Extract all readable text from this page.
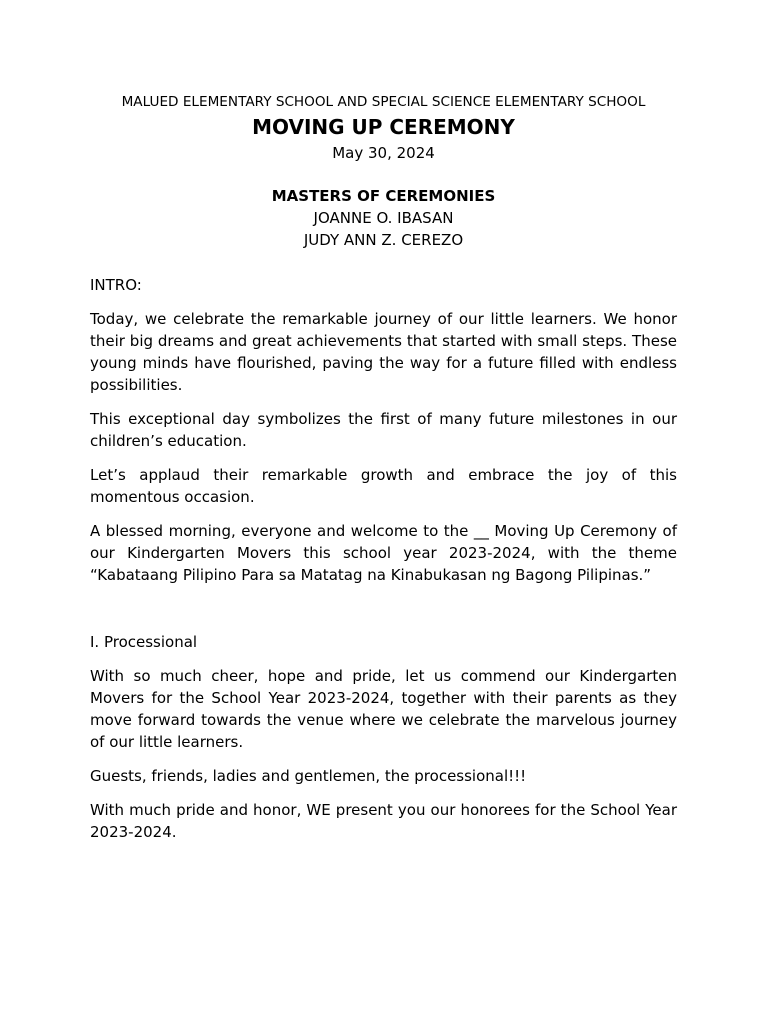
MALUED ELEMENTARY SCHOOL AND SPECIAL SCIENCE ELEMENTARY SCHOOL

MOVING UP CEREMONY

May 30, 2024

MASTERS OF CEREMONIES

JOANNE O. IBASAN

JUDY ANN Z. CEREZO

INTRO:

Today, we celebrate the remarkable journey of our little learners. We honor their big dreams and great achievements that started with small steps. These young minds have flourished, paving the way for a future filled with endless possibilities.

This exceptional day symbolizes the first of many future milestones in our children’s education.

Let’s applaud their remarkable growth and embrace the joy of this momentous occasion.

A blessed morning, everyone and welcome to the __ Moving Up Ceremony of our Kindergarten Movers this school year 2023-2024, with the theme “Kabataang Pilipino Para sa Matatag na Kinabukasan ng Bagong Pilipinas.”

I. Processional

With so much cheer, hope and pride, let us commend our Kindergarten Movers for the School Year 2023-2024, together with their parents as they move forward towards the venue where we celebrate the marvelous journey of our little learners.

Guests, friends, ladies and gentlemen, the processional!!!

With much pride and honor, WE present you our honorees for the School Year 2023-2024.
